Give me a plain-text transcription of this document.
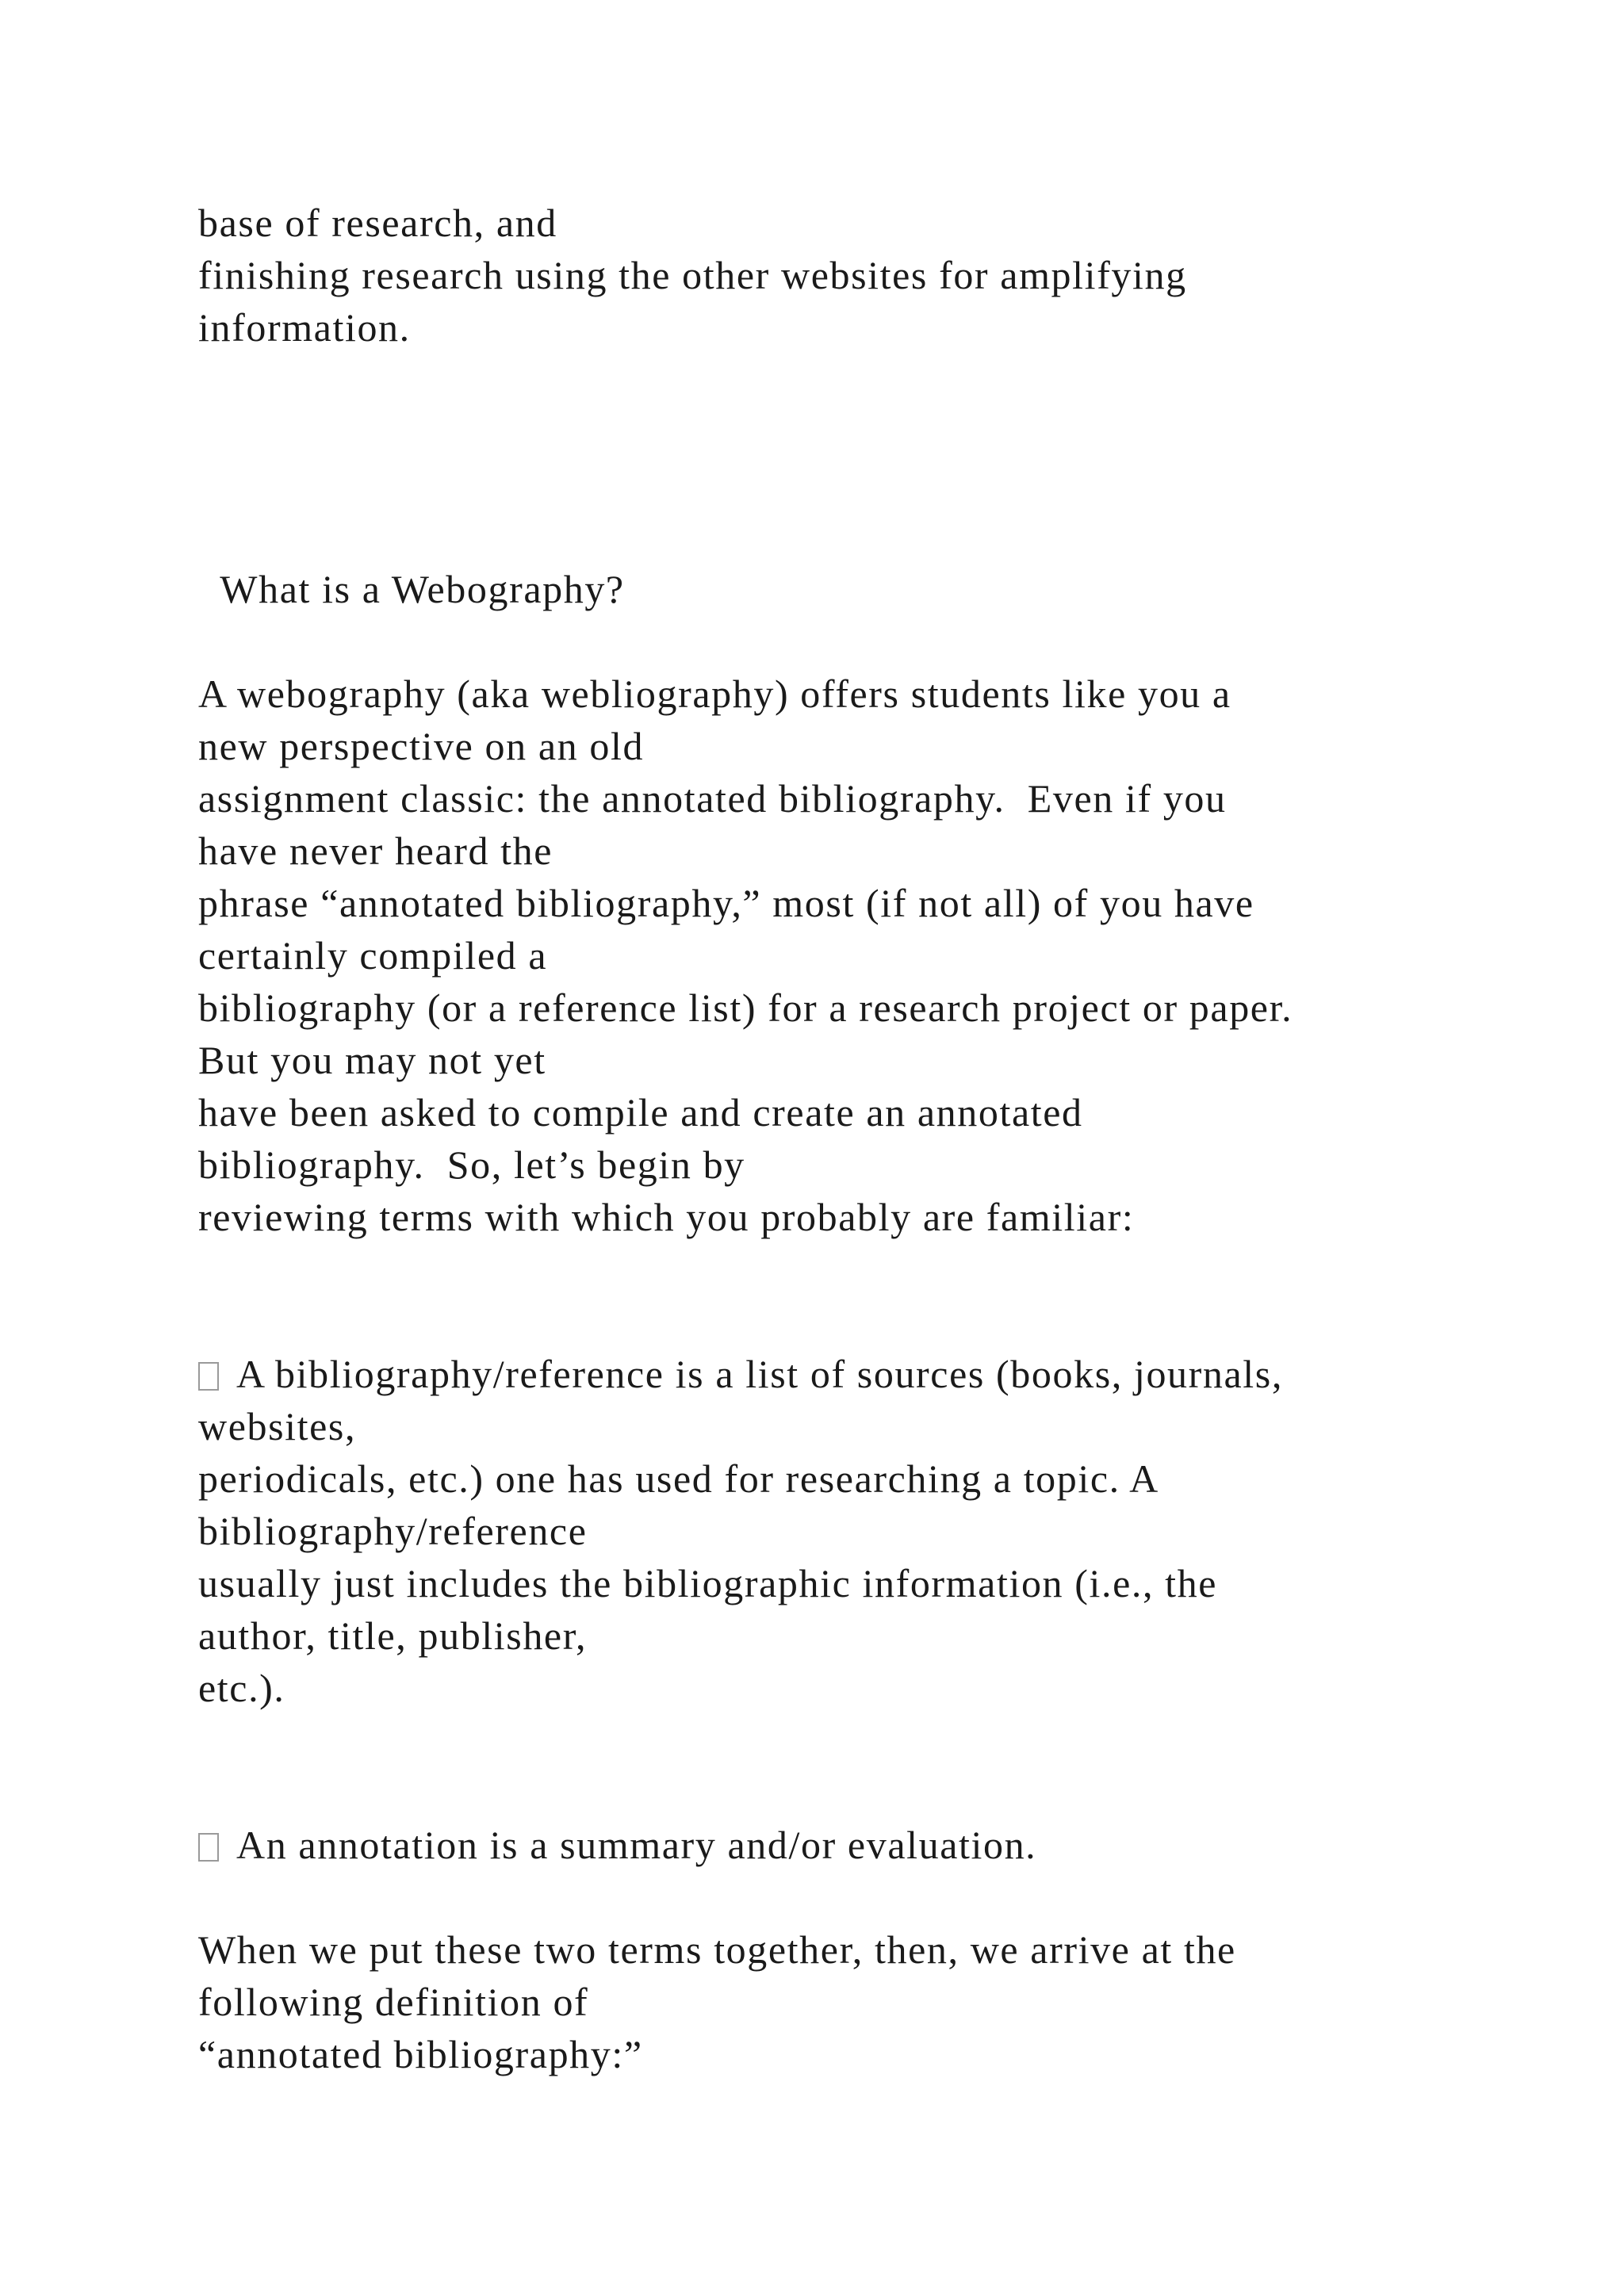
base of research, and

finishing research using the other websites for amplifying

information.

What is a Webography?

A webography (aka webliography) offers students like you a

new perspective on an old

assignment classic: the annotated bibliography.  Even if you

have never heard the

phrase “annotated bibliography,” most (if not all) of you have

certainly compiled a

bibliography (or a reference list) for a research project or paper.

But you may not yet

have been asked to compile and create an annotated

bibliography.  So, let’s begin by

reviewing terms with which you probably are familiar:

A bibliography/reference is a list of sources (books, journals,

websites,

periodicals, etc.) one has used for researching a topic. A

bibliography/reference

usually just includes the bibliographic information (i.e., the

author, title, publisher,

etc.).

An annotation is a summary and/or evaluation.

When we put these two terms together, then, we arrive at the

following definition of

“annotated bibliography:”
